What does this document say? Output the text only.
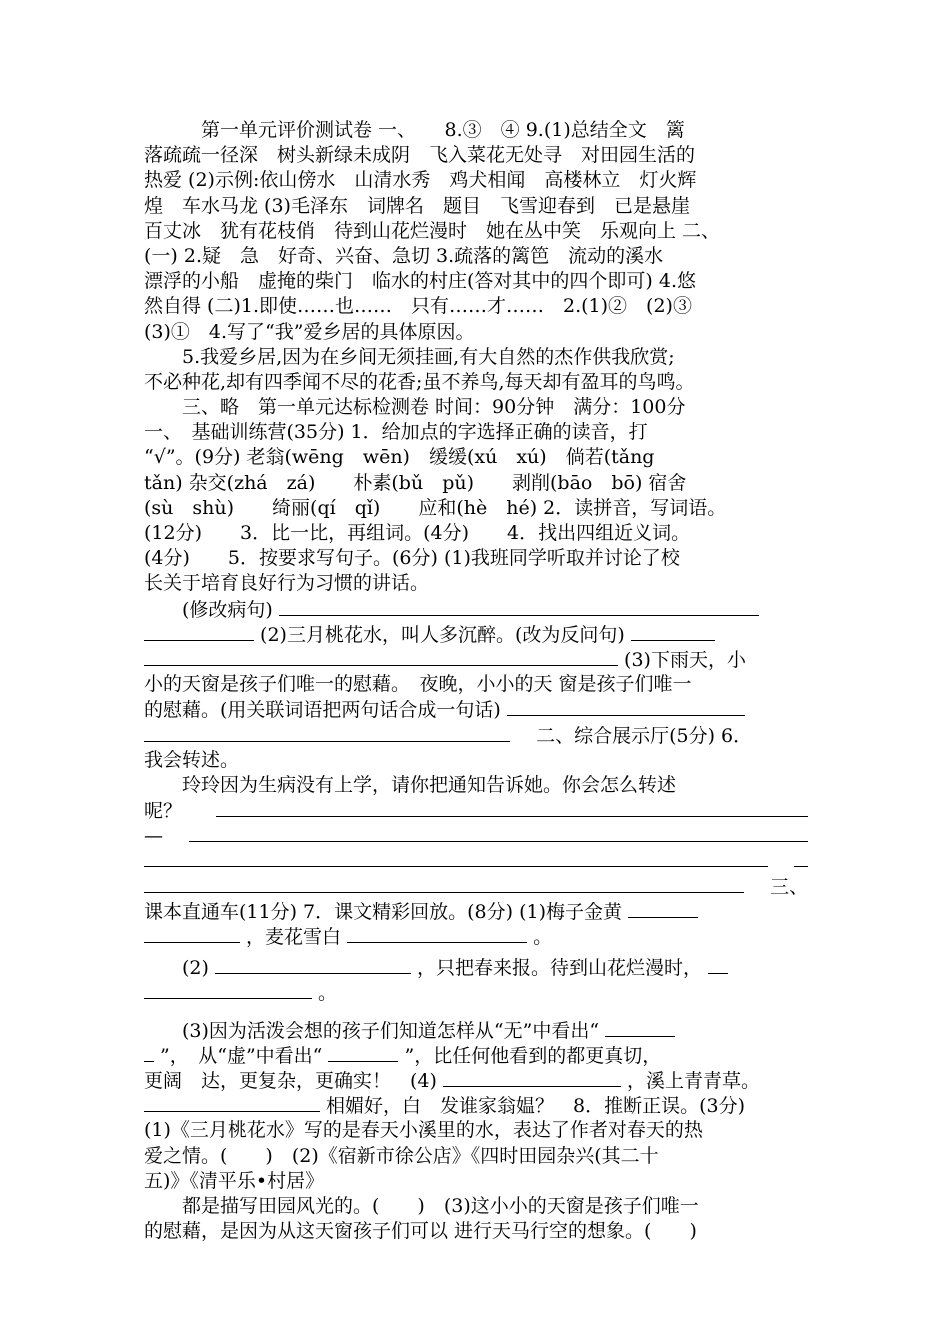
　　　第一单元评价测试卷 一、　　8.③　④ 9.(1)总结全文　篱
落疏疏一径深　树头新绿未成阴　飞入菜花无处寻　对田园生活的
热爱 (2)示例:依山傍水　山清水秀　鸡犬相闻　高楼林立　灯火辉
煌　车水马龙 (3)毛泽东　词牌名　题目　飞雪迎春到　已是悬崖
百丈冰　犹有花枝俏　待到山花烂漫时　她在丛中笑　乐观向上 二、
(一) 2.疑　急　好奇、兴奋、急切 3.疏落的篱笆　流动的溪水
漂浮的小船　虚掩的柴门　临水的村庄(答对其中的四个即可) 4.悠
然自得 (二)1.即使……也……　只有……才……　2.(1)②　(2)③
(3)①　4.写了“我”爱乡居的具体原因。
　　5.我爱乡居,因为在乡间无须挂画,有大自然的杰作供我欣赏;
不必种花,却有四季闻不尽的花香;虽不养鸟,每天却有盈耳的鸟鸣。
　　三、略　第一单元达标检测卷 时间：90分钟　满分：100分
一、　基础训练营(35分) 1．给加点的字选择正确的读音，打
“√”。(9分) 老翁(wēng　wēn)　缓缓(xú　xú)　倘若(tǎng
tǎn) 杂交(zhá　zá)　　朴素(bǔ　pǔ)　　剥削(bāo　bō) 宿舍
(sù　shù)　　绮丽(qí　qǐ)　　应和(hè　hé) 2．读拼音，写词语。
(12分)　　3．比一比，再组词。(4分)　　4．找出四组近义词。
(4分)　　5．按要求写句子。(6分) (1)我班同学听取并讨论了校
长关于培育良好行为习惯的讲话。
　　(修改病句)
(2)三月桃花水，叫人多沉醉。(改为反问句)
(3)下雨天，小
小的天窗是孩子们唯一的慰藉。　夜晚，小小的天 窗是孩子们唯一
的慰藉。(用关联词语把两句话合成一句话)
二、综合展示厅(5分) 6．
我会转述。
　　玲玲因为生病没有上学，请你把通知告诉她。你会怎么转述
呢？
—

三、
课本直通车(11分) 7．课文精彩回放。(8分) (1)梅子金黄
，麦花雪白	。
　　(2)	，只把春来报。待到山花烂漫时，
。
　　(3)因为活泼会想的孩子们知道怎样从“无”中看出“
”，　从“虚”中看出“	”，比任何他看到的都更真切，
更阔　达，更复杂，更确实！　(4)	，溪上青青草。
相媚好，白　发谁家翁媪？　8．推断正误。(3分)
(1)《三月桃花水》写的是春天小溪里的水，表达了作者对春天的热
爱之情。(　　)　(2)《宿新市徐公店》《四时田园杂兴(其二十
五)》《清平乐•村居》
　　都是描写田园风光的。(　　)　(3)这小小的天窗是孩子们唯一
的慰藉，是因为从这天窗孩子们可以 进行天马行空的想象。(　　)
